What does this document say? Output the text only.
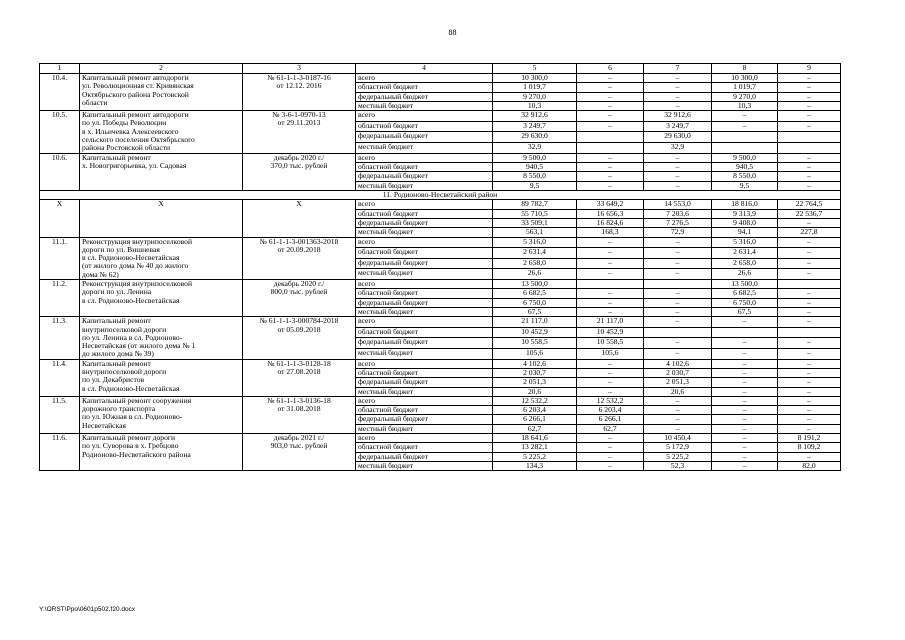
88
1	2	3	4	5	6	7	8	9
10.4.	Капитальный ремонт автодороги
ул. Революционная ст. Кривянская
Октябрьского района Ростовской
области	№ 61-1-1-3-0187-16
от 12.12. 2016	всего	10 300,0	–	–	10 300,0	–
			областной бюджет	1 019,7	–	–	1 019,7	–
			федеральный бюджет	9 270,0	–	–	9 270,0	–
			местный бюджет	10,3	–	–	10,3	–
10.5.	Капитальный ремонт автодороги
по ул. Победы Революции
в х. Ильичевка Алексеевского
сельского поселения Октябрьского
района Ростовской области	№ 3-6-1-0970-13
от 29.11.2013	всего	32 912,6	–	32 912,6	–	–
			областной бюджет	3 249,7	–	3 249,7	–	–
			федеральный бюджет	29 630,0		29 630,0		
			местный бюджет	32,9		32,9		
10.6.	Капитальный ремонт
х. Новогригорьевка, ул. Садовая	декабрь 2020 г./
370,0 тыс. рублей	всего	9 500,0	–	–	9 500,0	–
			областной бюджет	940,5	–	–	940,5	–
			федеральный бюджет	8 550,0	–	–	8 550,0	–
			местный бюджет	9,5	–	–	9,5	–
11. Родионово-Несветайский район								
Х	Х	Х	всего	89 782,7	33 649,2	14 553,0	18 816,0	22 764,5
			областной бюджет	55 710,5	16 656,3	7 203,6	9 313,9	22 536,7
			федеральный бюджет	33 509,1	16 824,6	7 276,5	9 408,0	–
			местный бюджет	563,1	168,3	72,9	94,1	227,8
11.1.	Реконструкция внутрипоселковой
дороги по ул. Вишневая
в сл. Родионово-Несветайская
(от жилого дома № 40 до жилого
дома № 62)	№ 61-1-1-3-001363-2018
от 20.09.2018	всего	5 316,0	–	–	5 316,0	–
			областной бюджет	2 631,4	–	–	2 631,4	–
			федеральный бюджет	2 658,0	–	–	2 658,0	–
			местный бюджет	26,6	–	–	26,6	–
11.2.	Реконструкция внутрипоселковой
дороги по ул. Ленина
в сл. Родионово-Несветайская	декабрь 2020 г./
800,0 тыс. рублей	всего	13 500,0			13 500,0	
			областной бюджет	6 682,5	–	–	6 682,5	–
			федеральный бюджет	6 750,0	–	–	6 750,0	–
			местный бюджет	67,5	–	–	67,5	–
11.3.	Капитальный ремонт
внутрипоселковой дороги
по ул. Ленина в сл. Родионово-
Несветайская (от жилого дома № 1
до жилого дома № 39)	№ 61-1-1-3-000784-2018
от 05.09.2018	всего	21 117,0	21 117,0	–	–	–
			областной бюджет	10 452,9	10 452,9			
			федеральный бюджет	10 558,5	10 558,5	–	–	–
			местный бюджет	105,6	105,6	–	–	–
11.4.	Капитальный ремонт
внутрипоселковой дороги
по ул. Декабристов
в сл. Родионово-Несветайская	№ 61-1-1-3-0128-18
от 27.08.2018	всего	4 102,6	–	4 102,6	–	–
			областной бюджет	2 030,7	–	2 030,7	–	–
			федеральный бюджет	2 051,3	–	2 051,3	–	–
			местный бюджет	20,6	–	20,6	–	–
11.5.	Капитальный ремонт сооружения
дорожного транспорта
по ул. Южная в сл. Родионово-
Несветайская	№ 61-1-1-3-0136-18
от 31.08.2018	всего	12 532,2	12 532,2	–	–	–
			областной бюджет	6 203,4	6 203,4	–	–	–
			федеральный бюджет	6 266,1	6 266,1	–	–	–
			местный бюджет	62,7	62,7	–	–	–
11.6.	Капитальный ремонт дороги
по ул. Суворова в х. Гребцово
Родионово-Несветайского района	декабрь 2021 г./
903,0 тыс. рублей	всего	18 641,6	–	10 450,4	–	8 191,2
			областной бюджет	13 282,1	–	5 172,9	–	8 109,2
			федеральный бюджет	5 225,2	–	5 225,2	–	–
			местный бюджет	134,3	–	52,3	–	82,0
Y:\ORST\Ppo\0601p502.f20.docx
